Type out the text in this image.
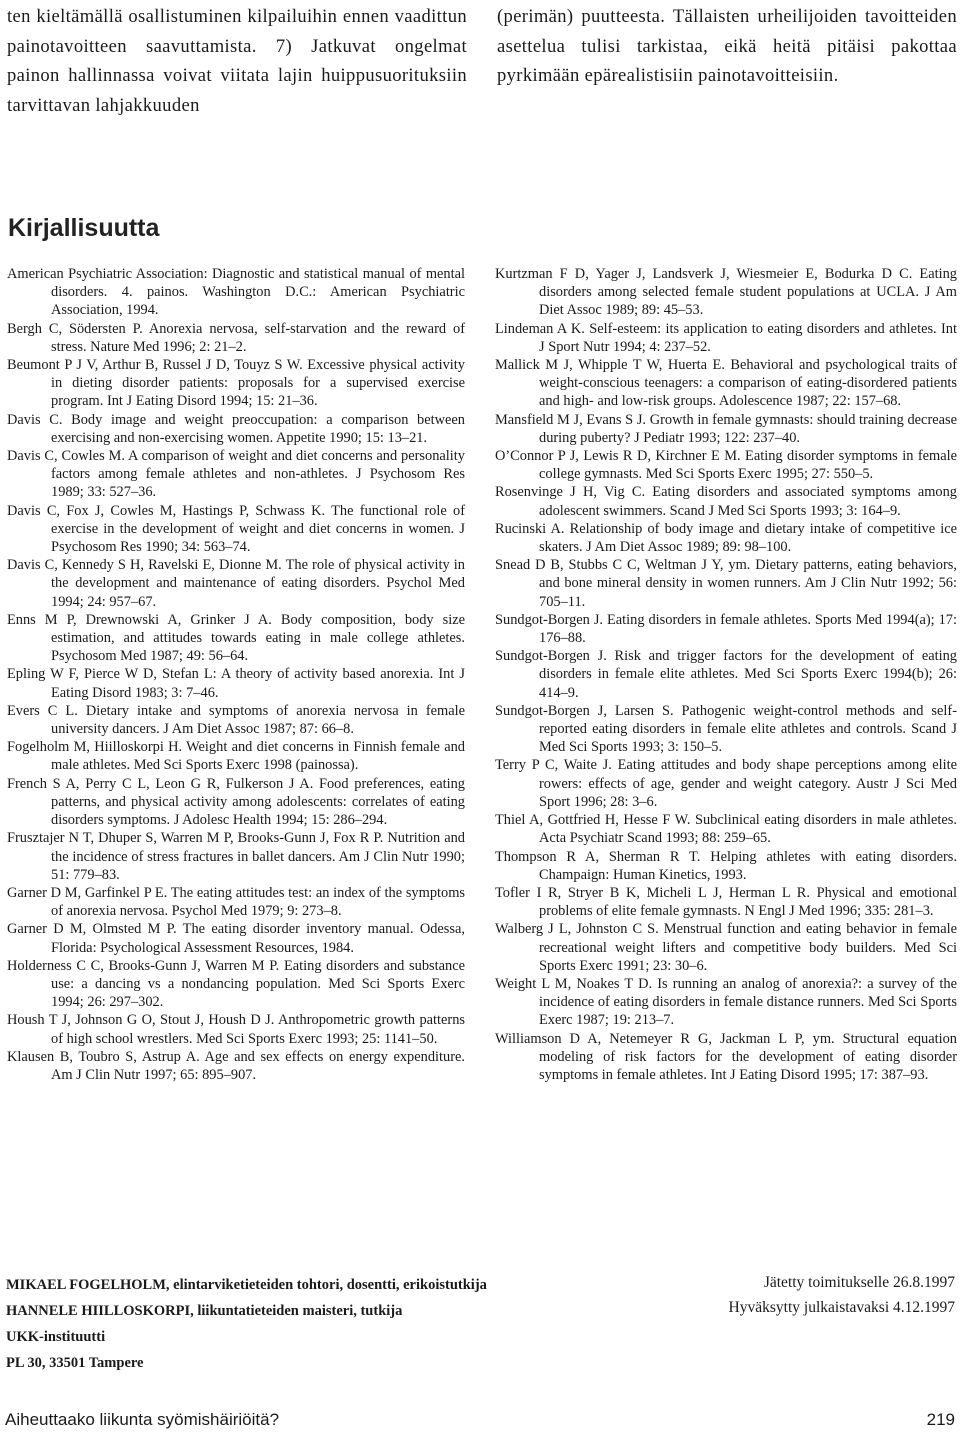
ten kieltämällä osallistuminen kilpailuihin ennen vaadittun painotavoitteen saavuttamista. 7) Jatkuvat ongelmat painon hallinnassa voivat viitata lajin huippusuorituksiin tarvittavan lahjakkuuden

(perimän) puutteesta. Tällaisten urheilijoiden tavoitteiden asettelua tulisi tarkistaa, eikä heitä pitäisi pakottaa pyrkimään epärealistisiin painotavoitteisiin.

Kirjallisuutta

American Psychiatric Association: Diagnostic and statistical manual of mental disorders. 4. painos. Washington D.C.: American Psychiatric Association, 1994.

Bergh C, Södersten P. Anorexia nervosa, self-starvation and the reward of stress. Nature Med 1996; 2: 21–2.

Beumont P J V, Arthur B, Russel J D, Touyz S W. Excessive physical activity in dieting disorder patients: proposals for a supervised exercise program. Int J Eating Disord 1994; 15: 21–36.

Davis C. Body image and weight preoccupation: a comparison between exercising and non-exercising women. Appetite 1990; 15: 13–21.

Davis C, Cowles M. A comparison of weight and diet concerns and personality factors among female athletes and non-athletes. J Psychosom Res 1989; 33: 527–36.

Davis C, Fox J, Cowles M, Hastings P, Schwass K. The functional role of exercise in the development of weight and diet concerns in women. J Psychosom Res 1990; 34: 563–74.

Davis C, Kennedy S H, Ravelski E, Dionne M. The role of physical activity in the development and maintenance of eating disorders. Psychol Med 1994; 24: 957–67.

Enns M P, Drewnowski A, Grinker J A. Body composition, body size estimation, and attitudes towards eating in male college athletes. Psychosom Med 1987; 49: 56–64.

Epling W F, Pierce W D, Stefan L: A theory of activity based anorexia. Int J Eating Disord 1983; 3: 7–46.

Evers C L. Dietary intake and symptoms of anorexia nervosa in female university dancers. J Am Diet Assoc 1987; 87: 66–8.

Fogelholm M, Hiilloskorpi H. Weight and diet concerns in Finnish female and male athletes. Med Sci Sports Exerc 1998 (painossa).

French S A, Perry C L, Leon G R, Fulkerson J A. Food preferences, eating patterns, and physical activity among adolescents: correlates of eating disorders symptoms. J Adolesc Health 1994; 15: 286–294.

Frusztajer N T, Dhuper S, Warren M P, Brooks-Gunn J, Fox R P. Nutrition and the incidence of stress fractures in ballet dancers. Am J Clin Nutr 1990; 51: 779–83.

Garner D M, Garfinkel P E. The eating attitudes test: an index of the symptoms of anorexia nervosa. Psychol Med 1979; 9: 273–8.

Garner D M, Olmsted M P. The eating disorder inventory manual. Odessa, Florida: Psychological Assessment Resources, 1984.

Holderness C C, Brooks-Gunn J, Warren M P. Eating disorders and substance use: a dancing vs a nondancing population. Med Sci Sports Exerc 1994; 26: 297–302.

Housh T J, Johnson G O, Stout J, Housh D J. Anthropometric growth patterns of high school wrestlers. Med Sci Sports Exerc 1993; 25: 1141–50.

Klausen B, Toubro S, Astrup A. Age and sex effects on energy expenditure. Am J Clin Nutr 1997; 65: 895–907.

Kurtzman F D, Yager J, Landsverk J, Wiesmeier E, Bodurka D C. Eating disorders among selected female student populations at UCLA. J Am Diet Assoc 1989; 89: 45–53.

Lindeman A K. Self-esteem: its application to eating disorders and athletes. Int J Sport Nutr 1994; 4: 237–52.

Mallick M J, Whipple T W, Huerta E. Behavioral and psychological traits of weight-conscious teenagers: a comparison of eating-disordered patients and high- and low-risk groups. Adolescence 1987; 22: 157–68.

Mansfield M J, Evans S J. Growth in female gymnasts: should training decrease during puberty? J Pediatr 1993; 122: 237–40.

O’Connor P J, Lewis R D, Kirchner E M. Eating disorder symptoms in female college gymnasts. Med Sci Sports Exerc 1995; 27: 550–5.

Rosenvinge J H, Vig C. Eating disorders and associated symptoms among adolescent swimmers. Scand J Med Sci Sports 1993; 3: 164–9.

Rucinski A. Relationship of body image and dietary intake of competitive ice skaters. J Am Diet Assoc 1989; 89: 98–100.

Snead D B, Stubbs C C, Weltman J Y, ym. Dietary patterns, eating behaviors, and bone mineral density in women runners. Am J Clin Nutr 1992; 56: 705–11.

Sundgot-Borgen J. Eating disorders in female athletes. Sports Med 1994(a); 17: 176–88.

Sundgot-Borgen J. Risk and trigger factors for the development of eating disorders in female elite athletes. Med Sci Sports Exerc 1994(b); 26: 414–9.

Sundgot-Borgen J, Larsen S. Pathogenic weight-control methods and self-reported eating disorders in female elite athletes and controls. Scand J Med Sci Sports 1993; 3: 150–5.

Terry P C, Waite J. Eating attitudes and body shape perceptions among elite rowers: effects of age, gender and weight category. Austr J Sci Med Sport 1996; 28: 3–6.

Thiel A, Gottfried H, Hesse F W. Subclinical eating disorders in male athletes. Acta Psychiatr Scand 1993; 88: 259–65.

Thompson R A, Sherman R T. Helping athletes with eating disorders. Champaign: Human Kinetics, 1993.

Tofler I R, Stryer B K, Micheli L J, Herman L R. Physical and emotional problems of elite female gymnasts. N Engl J Med 1996; 335: 281–3.

Walberg J L, Johnston C S. Menstrual function and eating behavior in female recreational weight lifters and competitive body builders. Med Sci Sports Exerc 1991; 23: 30–6.

Weight L M, Noakes T D. Is running an analog of anorexia?: a survey of the incidence of eating disorders in female distance runners. Med Sci Sports Exerc 1987; 19: 213–7.

Williamson D A, Netemeyer R G, Jackman L P, ym. Structural equation modeling of risk factors for the development of eating disorder symptoms in female athletes. Int J Eating Disord 1995; 17: 387–93.

MIKAEL FOGELHOLM, elintarviketieteiden tohtori, dosentti, erikoistutkija

HANNELE HIILLOSKORPI, liikuntatieteiden maisteri, tutkija

UKK-instituutti

PL 30, 33501 Tampere

Jätetty toimitukselle 26.8.1997

Hyväksytty julkaistavaksi 4.12.1997

Aiheuttaako liikunta syömishäiriöitä?	219
